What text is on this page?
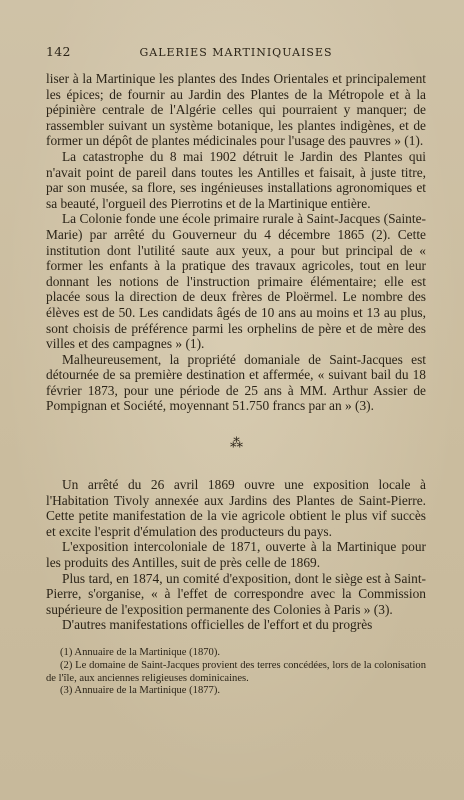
142	GALERIES MARTINIQUAISES

liser à la Martinique les plantes des Indes Orientales et principalement les épices; de fournir au Jardin des Plantes de la Métropole et à la pépinière centrale de l'Algérie celles qui pourraient y manquer; de rassembler suivant un système botanique, les plantes indigènes, et de former un dépôt de plantes médicinales pour l'usage des pauvres » (1).

La catastrophe du 8 mai 1902 détruit le Jardin des Plantes qui n'avait point de pareil dans toutes les Antilles et faisait, à juste titre, par son musée, sa flore, ses ingénieuses installations agronomiques et sa beauté, l'orgueil des Pierrotins et de la Martinique entière.

La Colonie fonde une école primaire rurale à Saint-Jacques (Sainte-Marie) par arrêté du Gouverneur du 4 décembre 1865 (2). Cette institution dont l'utilité saute aux yeux, a pour but principal de « former les enfants à la pratique des travaux agricoles, tout en leur donnant les notions de l'instruction primaire élémentaire; elle est placée sous la direction de deux frères de Ploërmel. Le nombre des élèves est de 50. Les candidats âgés de 10 ans au moins et 13 au plus, sont choisis de préférence parmi les orphelins de père et de mère des villes et des campagnes » (1).

Malheureusement, la propriété domaniale de Saint-Jacques est détournée de sa première destination et affermée, « suivant bail du 18 février 1873, pour une période de 25 ans à MM. Arthur Assier de Pompignan et Société, moyennant 51.750 francs par an » (3).

⁂

Un arrêté du 26 avril 1869 ouvre une exposition locale à l'Habitation Tivoly annexée aux Jardins des Plantes de Saint-Pierre. Cette petite manifestation de la vie agricole obtient le plus vif succès et excite l'esprit d'émulation des producteurs du pays.

L'exposition intercoloniale de 1871, ouverte à la Martinique pour les produits des Antilles, suit de près celle de 1869.

Plus tard, en 1874, un comité d'exposition, dont le siège est à Saint-Pierre, s'organise, « à l'effet de correspondre avec la Commission supérieure de l'exposition permanente des Colonies à Paris » (3).

D'autres manifestations officielles de l'effort et du progrès

(1) Annuaire de la Martinique (1870).

(2) Le domaine de Saint-Jacques provient des terres concédées, lors de la colonisation de l'île, aux anciennes religieuses dominicaines.

(3) Annuaire de la Martinique (1877).
